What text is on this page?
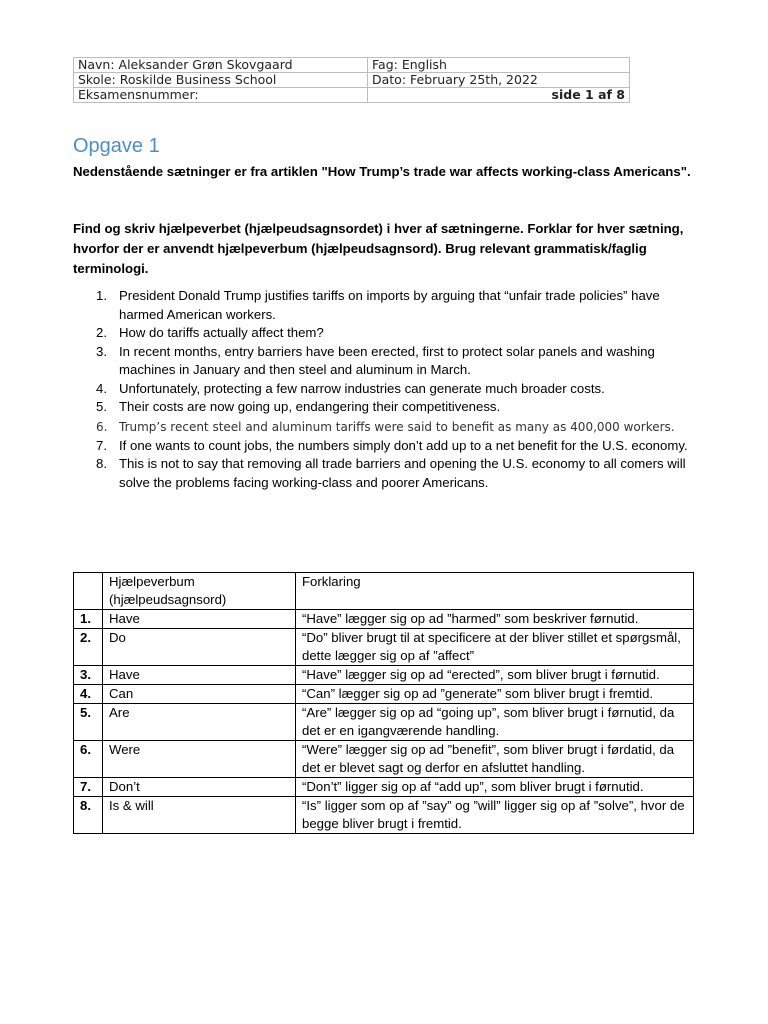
Navn: Aleksander Grøn Skovgaard	Fag: English
Skole: Roskilde Business School	Dato: February 25th, 2022
Eksamensnummer:	side 1 af 8
Opgave 1

Nedenstående sætninger er fra artiklen "How Trump’s trade war affects working-class Americans".

Find og skriv hjælpeverbet (hjælpeudsagnsordet) i hver af sætningerne. Forklar for hver sætning, hvorfor der er anvendt hjælpeverbum (hjælpeudsagnsord). Brug relevant grammatisk/faglig terminologi.

1. President Donald Trump justifies tariffs on imports by arguing that “unfair trade policies” have harmed American workers.
2. How do tariffs actually affect them?
3. In recent months, entry barriers have been erected, first to protect solar panels and washing machines in January and then steel and aluminum in March.
4. Unfortunately, protecting a few narrow industries can generate much broader costs.
5. Their costs are now going up, endangering their competitiveness.
6. Trump’s recent steel and aluminum tariffs were said to benefit as many as 400,000 workers.
7. If one wants to count jobs, the numbers simply don’t add up to a net benefit for the U.S. economy.
8. This is not to say that removing all trade barriers and opening the U.S. economy to all comers will solve the problems facing working-class and poorer Americans.
	Hjælpeverbum (hjælpeudsagnsord)	Forklaring
1.	Have	“Have” lægger sig op ad ”harmed” som beskriver førnutid.
2.	Do	“Do” bliver brugt til at specificere at der bliver stillet et spørgsmål, dette lægger sig op af ”affect”
3.	Have	“Have” lægger sig op ad “erected”, som bliver brugt i førnutid.
4.	Can	“Can” lægger sig op ad ”generate” som bliver brugt i fremtid.
5.	Are	“Are” lægger sig op ad “going up”, som bliver brugt i førnutid, da det er en igangværende handling.
6.	Were	“Were” lægger sig op ad ”benefit”, som bliver brugt i førdatid, da det er blevet sagt og derfor en afsluttet handling.
7.	Don’t	“Don’t” ligger sig op af “add up”, som bliver brugt i førnutid.
8.	Is & will	“Is” ligger som op af ”say” og ”will” ligger sig op af ”solve”, hvor de begge bliver brugt i fremtid.
